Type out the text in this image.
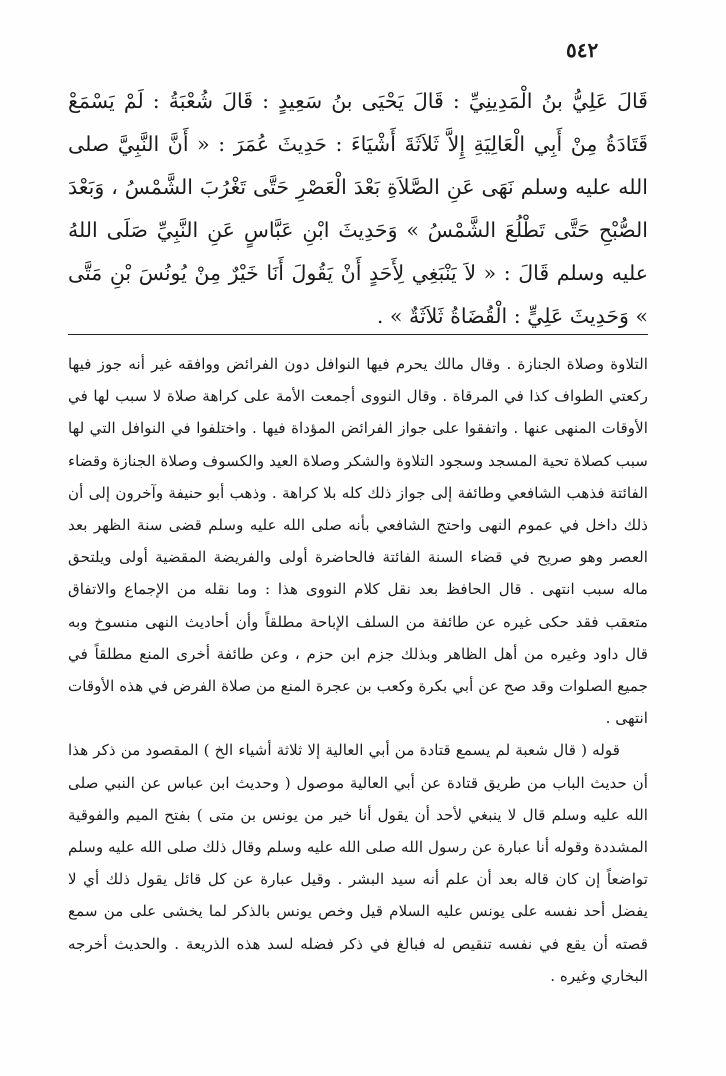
٥٤٢

قَالَ عَلِيُّ بنُ الْمَدِينِيِّ : قَالَ يَحْيَى بنُ سَعِيدٍ : قَالَ شُعْبَةُ : لَمْ يَسْمَعْ قَتَادَةُ مِنْ أَبِي الْعَالِيَةِ إِلاَّ ثَلاَثَةَ أَشْيَاءَ : حَدِيثَ عُمَرَ : « أَنَّ النَّبِيَّ صلى الله عليه وسلم نَهَى عَنِ الصَّلاَةِ بَعْدَ الْعَصْرِ حَتَّى تَغْرُبَ الشَّمْسُ ، وَبَعْدَ الصُّبْحِ حَتَّى تَطْلُعَ الشَّمْسُ » وَحَدِيثَ ابْنِ عَبَّاسٍ عَنِ النَّبِيِّ صَلَى اللهُ عليه وسلم قَالَ : « لاَ يَنْبَغِي لِأَحَدٍ أَنْ يَقُولَ أَنَا خَيْرٌ مِنْ يُونُسَ بْنِ مَتَّى » وَحَدِيثَ عَلِيٍّ : الْقُضَاةُ ثَلاَثَةٌ » .

التلاوة وصلاة الجنازة . وقال مالك يحرم فيها النوافل دون الفرائض ووافقه غير أنه جوز فيها ركعتي الطواف كذا في المرقاة . وقال النووى أجمعت الأمة على كراهة صلاة لا سبب لها في الأوقات المنهى عنها . واتفقوا على جواز الفرائض المؤداة فيها . واختلفوا في النوافل التي لها سبب كصلاة تحية المسجد وسجود التلاوة والشكر وصلاة العيد والكسوف وصلاة الجنازة وقضاء الفائتة فذهب الشافعي وطائفة إلى جواز ذلك كله بلا كراهة . وذهب أبو حنيفة وآخرون إلى أن ذلك داخل في عموم النهى واحتج الشافعي بأنه صلى الله عليه وسلم قضى سنة الظهر بعد العصر وهو صريح في قضاء السنة الفائتة فالحاضرة أولى والفريضة المقضية أولى ويلتحق ماله سبب انتهى . قال الحافظ بعد نقل كلام النووى هذا : وما نقله من الإجماع والاتفاق متعقب فقد حكى غيره عن طائفة من السلف الإباحة مطلقاً وأن أحاديث النهى منسوخ وبه قال داود وغيره من أهل الظاهر وبذلك جزم ابن حزم ، وعن طائفة أخرى المنع مطلقاً في جميع الصلوات وقد صح عن أبي بكرة وكعب بن عجرة المنع من صلاة الفرض في هذه الأوقات انتهى .

قوله ( قال شعبة لم يسمع قتادة من أبي العالية إلا ثلاثة أشياء الخ ) المقصود من ذكر هذا أن حديث الباب من طريق قتادة عن أبي العالية موصول ( وحديث ابن عباس عن النبي صلى الله عليه وسلم قال لا ينبغي لأحد أن يقول أنا خير من يونس بن متى ) بفتح الميم والفوقية المشددة وقوله أنا عبارة عن رسول الله صلى الله عليه وسلم وقال ذلك صلى الله عليه وسلم تواضعاً إن كان قاله بعد أن علم أنه سيد البشر . وقيل عبارة عن كل قائل يقول ذلك أي لا يفضل أحد نفسه على يونس عليه السلام قيل وخص يونس بالذكر لما يخشى على من سمع قصته أن يقع في نفسه تنقيص له فبالغ في ذكر فضله لسد هذه الذريعة . والحديث أخرجه البخاري وغيره .
